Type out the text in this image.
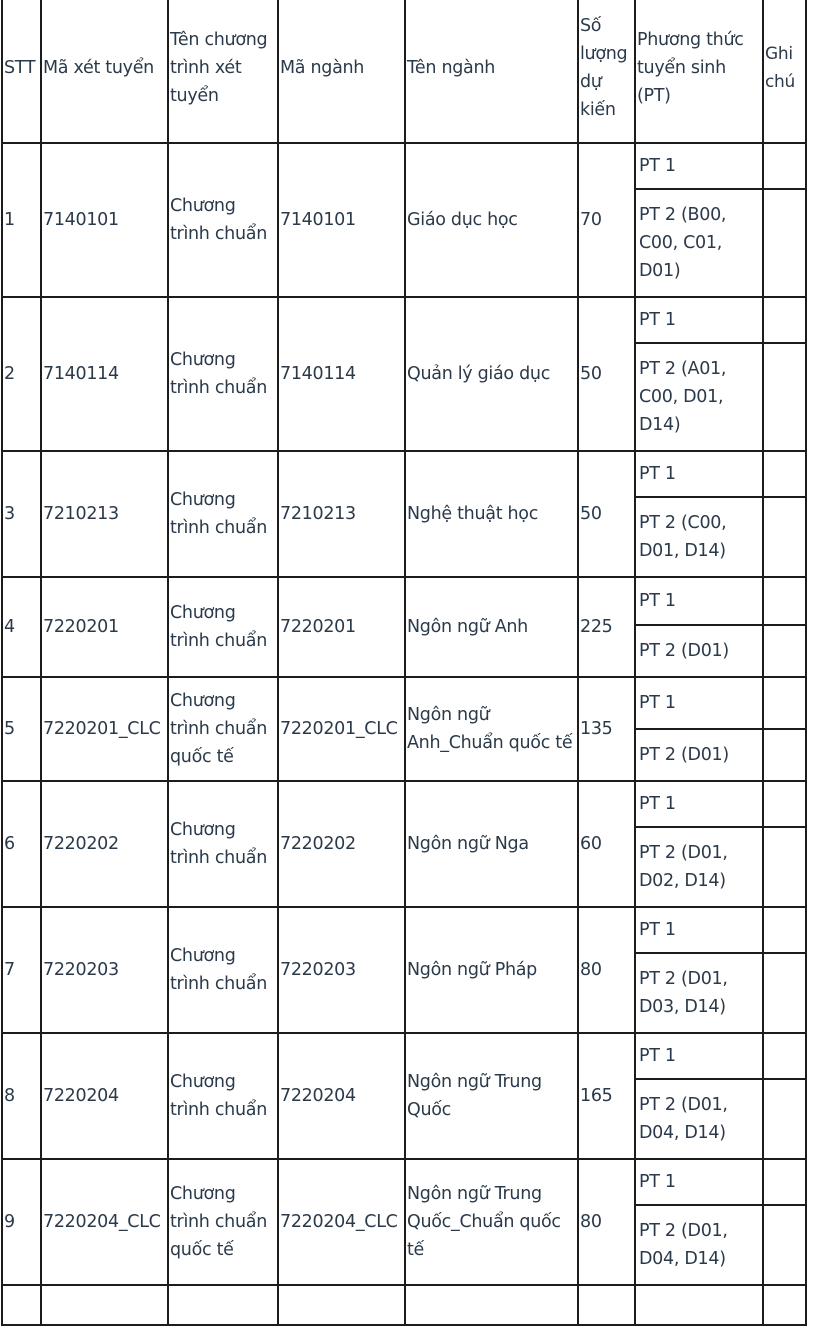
STT	Mã xét tuyển	Tên chương trình xét tuyển	Mã ngành	Tên ngành	Số lượng dự kiến	Phương thức tuyển sinh (PT)	Ghi chú
1	7140101	Chương trình chuẩn	7140101	Giáo dục học	70	PT 1	
						PT 2 (B00, C00, C01, D01)	
2	7140114	Chương trình chuẩn	7140114	Quản lý giáo dục	50	PT 1	
						PT 2 (A01, C00, D01, D14)	
3	7210213	Chương trình chuẩn	7210213	Nghệ thuật học	50	PT 1	
						PT 2 (C00, D01, D14)	
4	7220201	Chương trình chuẩn	7220201	Ngôn ngữ Anh	225	PT 1	
						PT 2 (D01)	
5	7220201_CLC	Chương trình chuẩn quốc tế	7220201_CLC	Ngôn ngữ Anh_Chuẩn quốc tế	135	PT 1	
						PT 2 (D01)	
6	7220202	Chương trình chuẩn	7220202	Ngôn ngữ Nga	60	PT 1	
						PT 2 (D01, D02, D14)	
7	7220203	Chương trình chuẩn	7220203	Ngôn ngữ Pháp	80	PT 1	
						PT 2 (D01, D03, D14)	
8	7220204	Chương trình chuẩn	7220204	Ngôn ngữ Trung Quốc	165	PT 1	
						PT 2 (D01, D04, D14)	
9	7220204_CLC	Chương trình chuẩn quốc tế	7220204_CLC	Ngôn ngữ Trung Quốc_Chuẩn quốc tế	80	PT 1	
						PT 2 (D01, D04, D14)	
